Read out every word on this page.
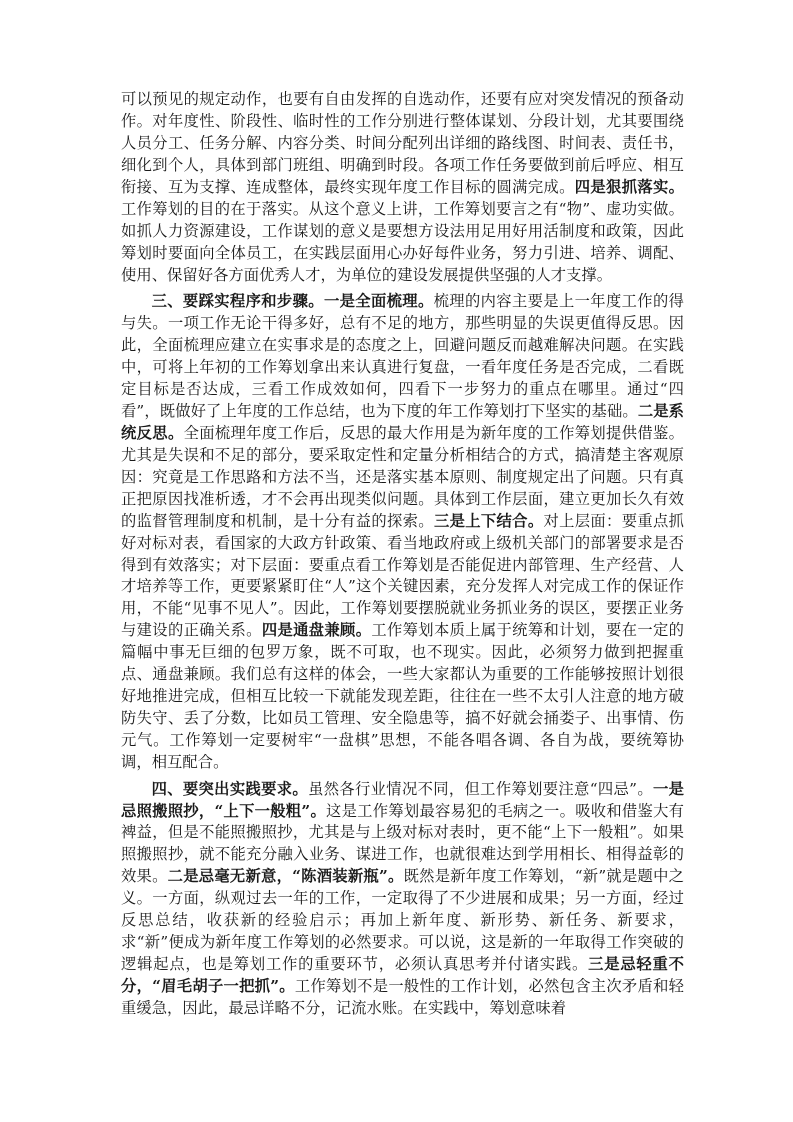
可以预见的规定动作，也要有自由发挥的自选动作，还要有应对突发情况的预备动作。对年度性、阶段性、临时性的工作分别进行整体谋划、分段计划，尤其要围绕人员分工、任务分解、内容分类、时间分配列出详细的路线图、时间表、责任书，细化到个人，具体到部门班组、明确到时段。各项工作任务要做到前后呼应、相互衔接、互为支撑、连成整体，最终实现年度工作目标的圆满完成。四是狠抓落实。工作筹划的目的在于落实。从这个意义上讲，工作筹划要言之有“物”、虚功实做。如抓人力资源建设，工作谋划的意义是要想方设法用足用好用活制度和政策，因此筹划时要面向全体员工，在实践层面用心办好每件业务，努力引进、培养、调配、使用、保留好各方面优秀人才，为单位的建设发展提供坚强的人才支撑。

三、要踩实程序和步骤。一是全面梳理。梳理的内容主要是上一年度工作的得与失。一项工作无论干得多好，总有不足的地方，那些明显的失误更值得反思。因此，全面梳理应建立在实事求是的态度之上，回避问题反而越难解决问题。在实践中，可将上年初的工作筹划拿出来认真进行复盘，一看年度任务是否完成，二看既定目标是否达成，三看工作成效如何，四看下一步努力的重点在哪里。通过“四看”，既做好了上年度的工作总结，也为下度的年工作筹划打下坚实的基础。二是系统反思。全面梳理年度工作后，反思的最大作用是为新年度的工作筹划提供借鉴。尤其是失误和不足的部分，要采取定性和定量分析相结合的方式，搞清楚主客观原因：究竟是工作思路和方法不当，还是落实基本原则、制度规定出了问题。只有真正把原因找准析透，才不会再出现类似问题。具体到工作层面，建立更加长久有效的监督管理制度和机制，是十分有益的探索。三是上下结合。对上层面：要重点抓好对标对表，看国家的大政方针政策、看当地政府或上级机关部门的部署要求是否得到有效落实；对下层面：要重点看工作筹划是否能促进内部管理、生产经营、人才培养等工作，更要紧紧盯住“人”这个关键因素，充分发挥人对完成工作的保证作用，不能“见事不见人”。因此，工作筹划要摆脱就业务抓业务的误区，要摆正业务与建设的正确关系。四是通盘兼顾。工作筹划本质上属于统筹和计划，要在一定的篇幅中事无巨细的包罗万象，既不可取，也不现实。因此，必须努力做到把握重点、通盘兼顾。我们总有这样的体会，一些大家都认为重要的工作能够按照计划很好地推进完成，但相互比较一下就能发现差距，往往在一些不太引人注意的地方破防失守、丢了分数，比如员工管理、安全隐患等，搞不好就会捅娄子、出事情、伤元气。工作筹划一定要树牢“一盘棋”思想，不能各唱各调、各自为战，要统筹协调，相互配合。

四、要突出实践要求。虽然各行业情况不同，但工作筹划要注意“四忌”。一是忌照搬照抄，“上下一般粗”。这是工作筹划最容易犯的毛病之一。吸收和借鉴大有裨益，但是不能照搬照抄，尤其是与上级对标对表时，更不能“上下一般粗”。如果照搬照抄，就不能充分融入业务、谋进工作，也就很难达到学用相长、相得益彰的效果。二是忌毫无新意，“陈酒装新瓶”。既然是新年度工作筹划，“新”就是题中之义。一方面，纵观过去一年的工作，一定取得了不少进展和成果；另一方面，经过反思总结，收获新的经验启示；再加上新年度、新形势、新任务、新要求，求“新”便成为新年度工作筹划的必然要求。可以说，这是新的一年取得工作突破的逻辑起点，也是筹划工作的重要环节，必须认真思考并付诸实践。三是忌轻重不分，“眉毛胡子一把抓”。工作筹划不是一般性的工作计划，必然包含主次矛盾和轻重缓急，因此，最忌详略不分，记流水账。在实践中，筹划意味着
